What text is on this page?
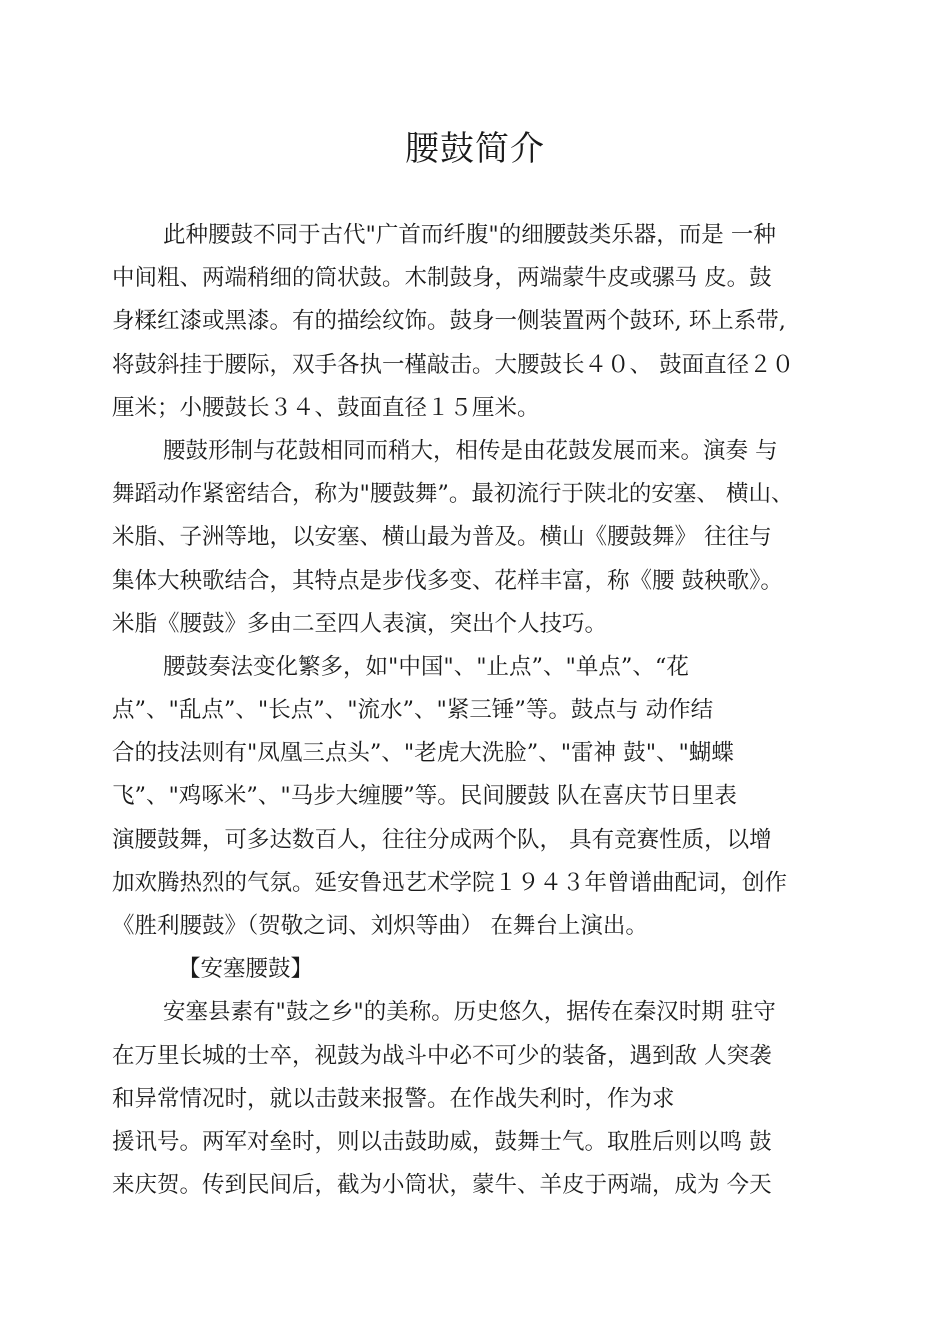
腰鼓简介
此种腰鼓不同于古代"广首而纤腹"的细腰鼓类乐器，而是 一种
中间粗、两端稍细的筒状鼓。木制鼓身，两端蒙牛皮或骡马 皮。鼓
身糅红漆或黑漆。有的描绘纹饰。鼓身一侧装置两个鼓环, 环上系带,
将鼓斜挂于腰际，双手各执一槿敲击。大腰鼓长４０、 鼓面直径２０
厘米；小腰鼓长３４、鼓面直径１５厘米。
腰鼓形制与花鼓相同而稍大，相传是由花鼓发展而来。演奏 与
舞蹈动作紧密结合，称为"腰鼓舞”。最初流行于陕北的安塞、 横山、
米脂、子洲等地，以安塞、横山最为普及。横山《腰鼓舞》 往往与
集体大秧歌结合，其特点是步伐多变、花样丰富，称《腰 鼓秧歌》。
米脂《腰鼓》多由二至四人表演，突出个人技巧。
腰鼓奏法变化繁多，如"中国"、"止点”、"单点”、“花
点”、"乱点”、"长点”、"流水”、"紧三锤”等。鼓点与 动作结
合的技法则有"凤凰三点头”、"老虎大洗脸”、"雷神 鼓"、"蝴蝶
飞”、"鸡啄米”、"马步大缠腰”等。民间腰鼓 队在喜庆节日里表
演腰鼓舞，可多达数百人，往往分成两个队， 具有竞赛性质，以增
加欢腾热烈的气氛。延安鲁迅艺术学院１９４３年曾谱曲配词，创作
《胜利腰鼓》（贺敬之词、刘炽等曲） 在舞台上演出。
【安塞腰鼓】
安塞县素有"鼓之乡"的美称。历史悠久，据传在秦汉时期 驻守
在万里长城的士卒，视鼓为战斗中必不可少的装备，遇到敌 人突袭
和异常情况时，就以击鼓来报警。在作战失利时，作为求
援讯号。两军对垒时，则以击鼓助威，鼓舞士气。取胜后则以鸣 鼓
来庆贺。传到民间后，截为小筒状，蒙牛、羊皮于两端，成为 今天
